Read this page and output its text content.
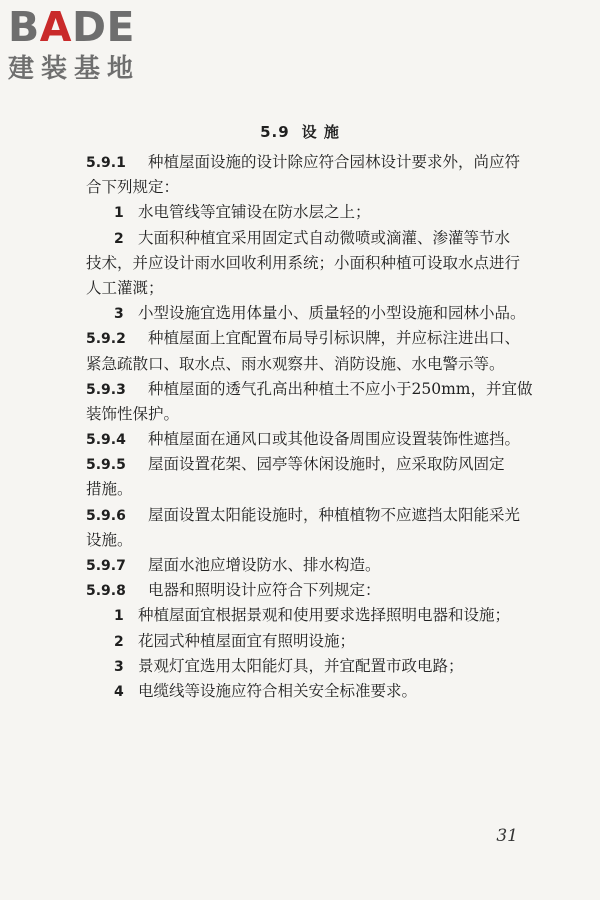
BADE
建装基地
5.9 设 施
5.9.1 种植屋面设施的设计除应符合园林设计要求外，尚应符
合下列规定：
1 水电管线等宜铺设在防水层之上；
2 大面积种植宜采用固定式自动微喷或滴灌、渗灌等节水
技术，并应设计雨水回收利用系统；小面积种植可设取水点进行
人工灌溉；
3 小型设施宜选用体量小、质量轻的小型设施和园林小品。
5.9.2 种植屋面上宜配置布局导引标识牌，并应标注进出口、
紧急疏散口、取水点、雨水观察井、消防设施、水电警示等。
5.9.3 种植屋面的透气孔高出种植土不应小于250mm，并宜做
装饰性保护。
5.9.4 种植屋面在通风口或其他设备周围应设置装饰性遮挡。
5.9.5 屋面设置花架、园亭等休闲设施时，应采取防风固定
措施。
5.9.6 屋面设置太阳能设施时，种植植物不应遮挡太阳能采光
设施。
5.9.7 屋面水池应增设防水、排水构造。
5.9.8 电器和照明设计应符合下列规定：
1 种植屋面宜根据景观和使用要求选择照明电器和设施；
2 花园式种植屋面宜有照明设施；
3 景观灯宜选用太阳能灯具，并宜配置市政电路；
4 电缆线等设施应符合相关安全标准要求。
31
